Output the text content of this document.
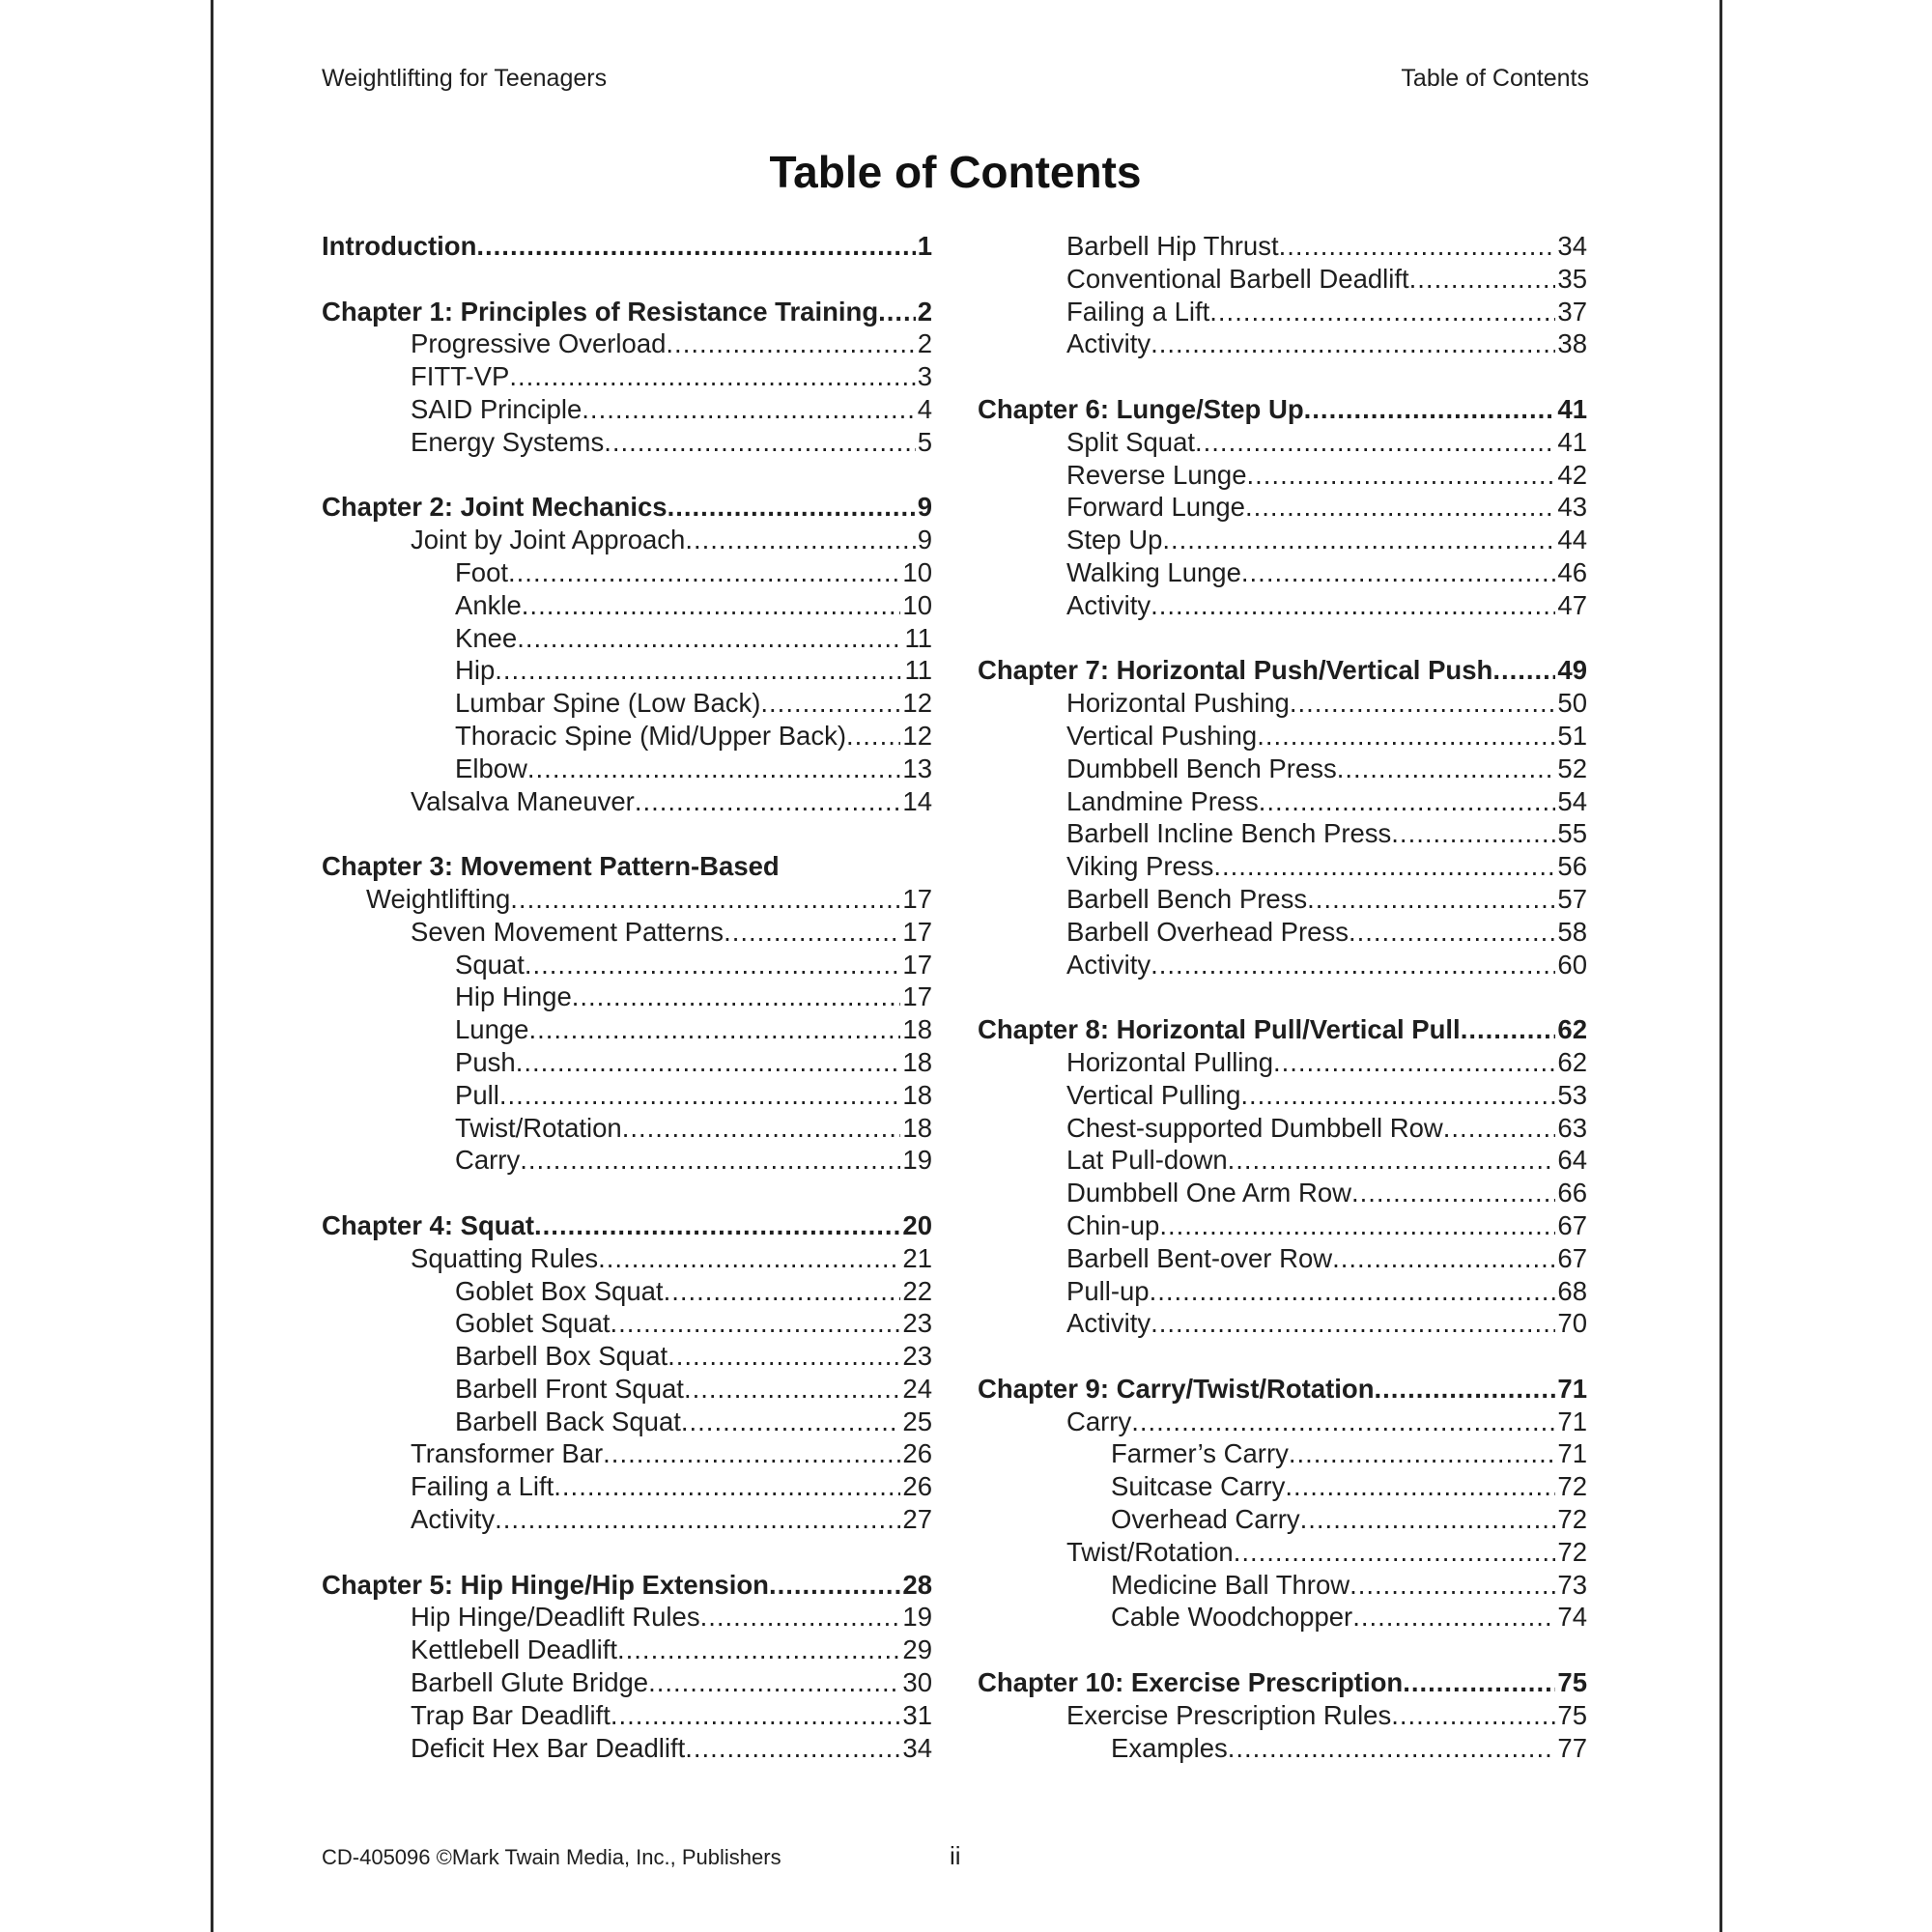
Weightlifting for Teenagers	Table of Contents
Table of Contents
Introduction .....	1
Chapter 1: Principles of Resistance Training ..... 2
Progressive Overload .....	2
FITT-VP .....	3
SAID Principle .....	4
Energy Systems .....	5
Chapter 2: Joint Mechanics .....	9
Joint by Joint Approach .....	9
Foot .....	10
Ankle .....	10
Knee .....	11
Hip .....	11
Lumbar Spine (Low Back) .....	12
Thoracic Spine (Mid/Upper Back) ..... 12
Elbow .....	13
Valsalva Maneuver .....	14
Chapter 3: Movement Pattern-Based
Weightlifting .....	17
Seven Movement Patterns .....	17
Squat .....	17
Hip Hinge .....	17
Lunge .....	18
Push .....	18
Pull .....	18
Twist/Rotation .....	18
Carry .....	19
Chapter 4: Squat .....	20
Squatting Rules .....	21
Goblet Box Squat .....	22
Goblet Squat .....	23
Barbell Box Squat .....	23
Barbell Front Squat .....	24
Barbell Back Squat .....	25
Transformer Bar .....	26
Failing a Lift .....	26
Activity .....	27
Chapter 5: Hip Hinge/Hip Extension .....	28
Hip Hinge/Deadlift Rules .....	19
Kettlebell Deadlift .....	29
Barbell Glute Bridge .....	30
Trap Bar Deadlift .....	31
Deficit Hex Bar Deadlift .....	34
Barbell Hip Thrust .....	34
Conventional Barbell Deadlift .....	35
Failing a Lift .....	37
Activity .....	38
Chapter 6: Lunge/Step Up .....	41
Split Squat .....	41
Reverse Lunge .....	42
Forward Lunge .....	43
Step Up .....	44
Walking Lunge .....	46
Activity .....	47
Chapter 7: Horizontal Push/Vertical Push ..... 49
Horizontal Pushing .....	50
Vertical Pushing .....	51
Dumbbell Bench Press .....	52
Landmine Press .....	54
Barbell Incline Bench Press .....	55
Viking Press .....	56
Barbell Bench Press .....	57
Barbell Overhead Press .....	58
Activity .....	60
Chapter 8: Horizontal Pull/Vertical Pull .....	62
Horizontal Pulling .....	62
Vertical Pulling .....	53
Chest-supported Dumbbell Row .....	63
Lat Pull-down .....	64
Dumbbell One Arm Row .....	66
Chin-up .....	67
Barbell Bent-over Row .....	67
Pull-up .....	68
Activity .....	70
Chapter 9: Carry/Twist/Rotation .....	71
Carry .....	71
Farmer’s Carry .....	71
Suitcase Carry .....	72
Overhead Carry .....	72
Twist/Rotation .....	72
Medicine Ball Throw .....	73
Cable Woodchopper .....	74
Chapter 10: Exercise Prescription .....	75
Exercise Prescription Rules .....	75
Examples .....	77
CD-405096 ©Mark Twain Media, Inc., Publishers	ii
